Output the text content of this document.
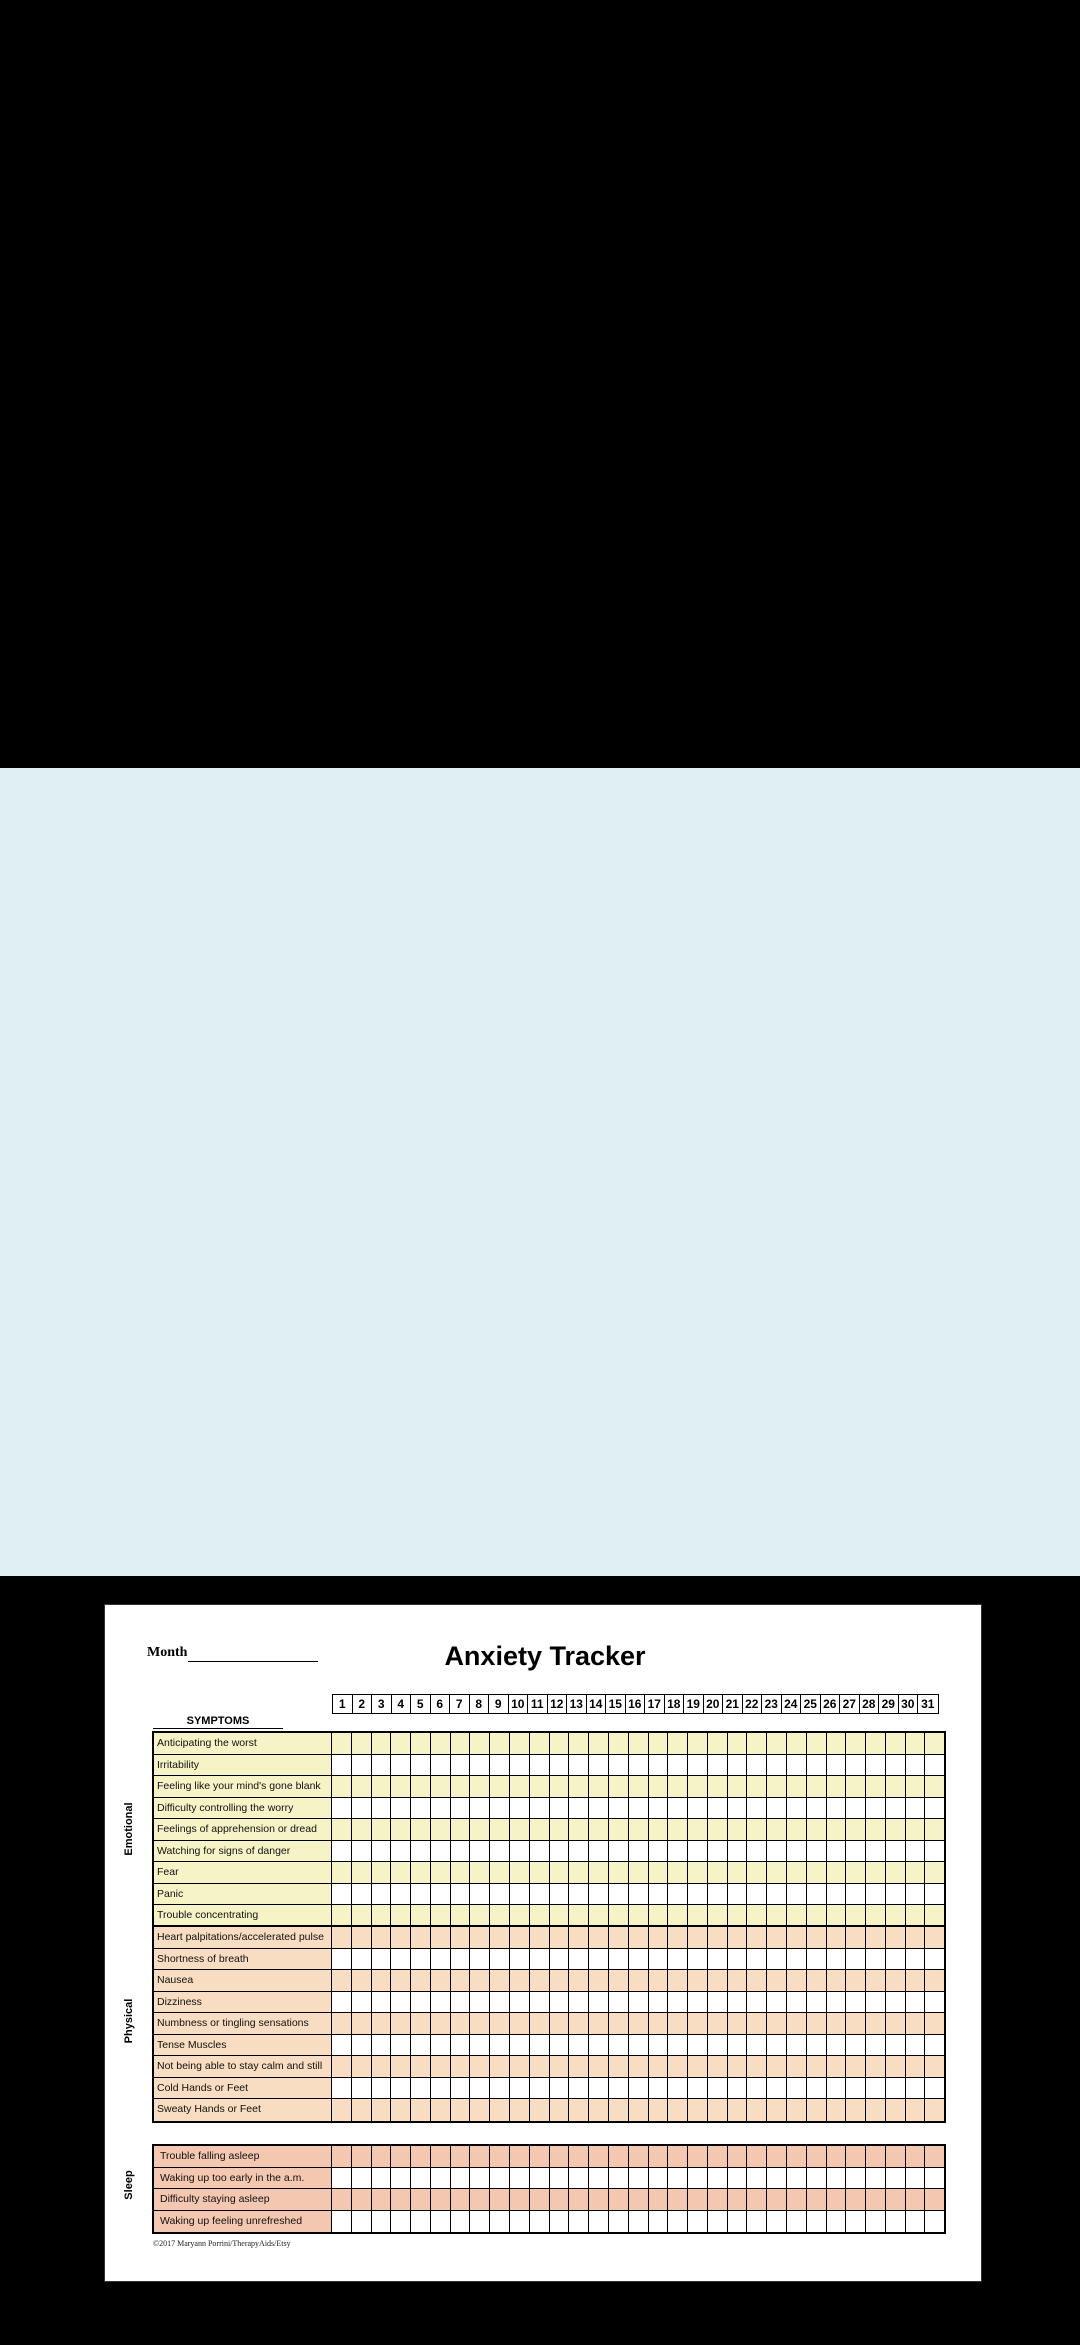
Month	Anxiety Tracker
SYMPTOMS
1	2	3	4	5	6	7	8	9 10 11 12 13 14 15 16 17 18 19 20 21 22 23 24 25 26 27 28 29 30 31
Anticipating the worst
Irritability
Feeling like your mind's gone blank
Difficulty controlling the worry
Feelings of apprehension or dread
Watching for signs of danger
Fear
Panic
Trouble concentrating
Emotional
Heart palpitations/accelerated pulse
Shortness of breath
Nausea
Dizziness
Numbness or tingling sensations
Tense Muscles
Not being able to stay calm and still
Cold Hands or Feet
Sweaty Hands or Feet
Physical
Trouble falling asleep
Waking up too early in the a.m.
Difficulty staying asleep
Waking up feeling unrefreshed
Sleep
©2017 Maryann Porrini/TherapyAids/Etsy
